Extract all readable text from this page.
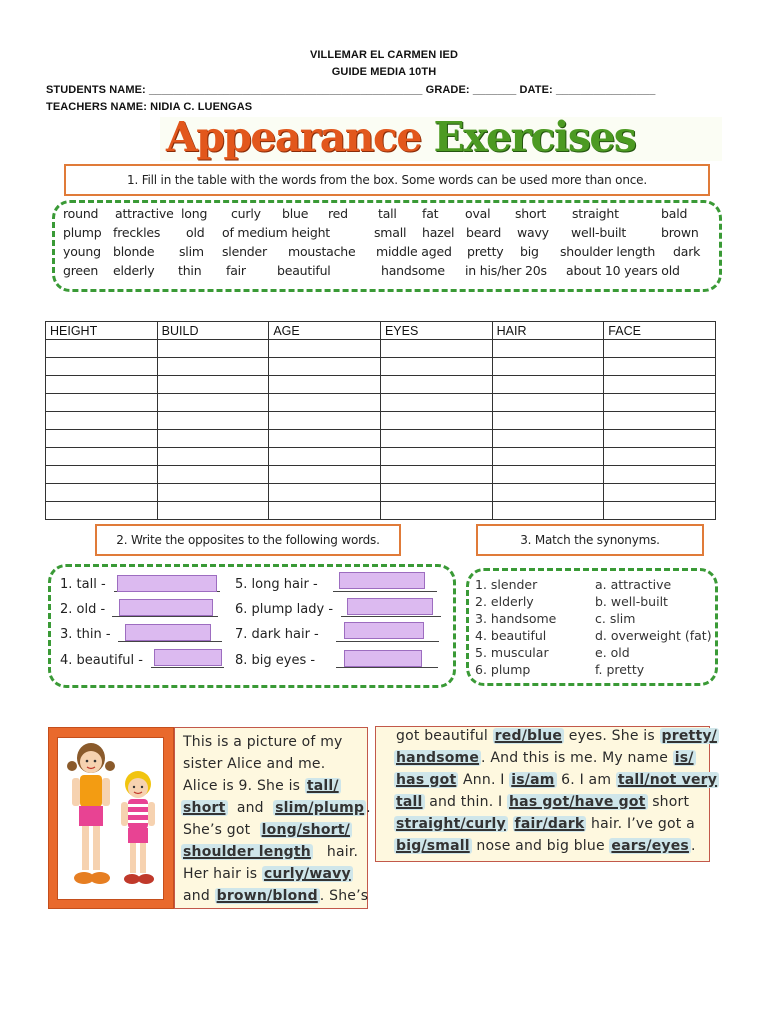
VILLEMAR EL CARMEN IED
GUIDE MEDIA 10TH
STUDENTS NAME: ____________________________________________ GRADE: _______ DATE: ________________
TEACHERS NAME: NIDIA C. LUENGAS
Appearance Exercises
1. Fill in the table with the words from the box. Some words can be used more than once.
round attractive long curly blue red tall fat oval short straight	bald
plump freckles old of medium height	small hazel beard wavy well-built	brown
young blonde slim slender moustache middle aged pretty big shoulder length dark
green elderly thin fair beautiful	handsome in his/her 20s about 10 years old
HEIGHT	BUILD	AGE	EYES	HAIR	FACE

2. Write the opposites to the following words.	3. Match the synonyms.
1. tall -
2. old -
3. thin -
4. beautiful -
5. long hair -
6. plump lady -
7. dark hair -
8. big eyes -
1. slender
2. elderly
3. handsome
4. beautiful
5. muscular
6. plump
a. attractive
b. well-built
c. slim
d. overweight (fat)
e. old
f. pretty
This is a picture of my
sister Alice and me.
Alice is 9. She is tall/
short and slim/plump .
She’s got long/short/
shoulder length hair.
Her hair is curly/wavy
and brown/blond . She’s
got beautiful red/blue eyes. She is pretty/
handsome . And this is me. My name is/
has got Ann. I is/am 6. I am tall/not very
tall and thin. I has got/have got short
straight/curly fair/dark hair. I’ve got a
big/small nose and big blue ears/eyes .
